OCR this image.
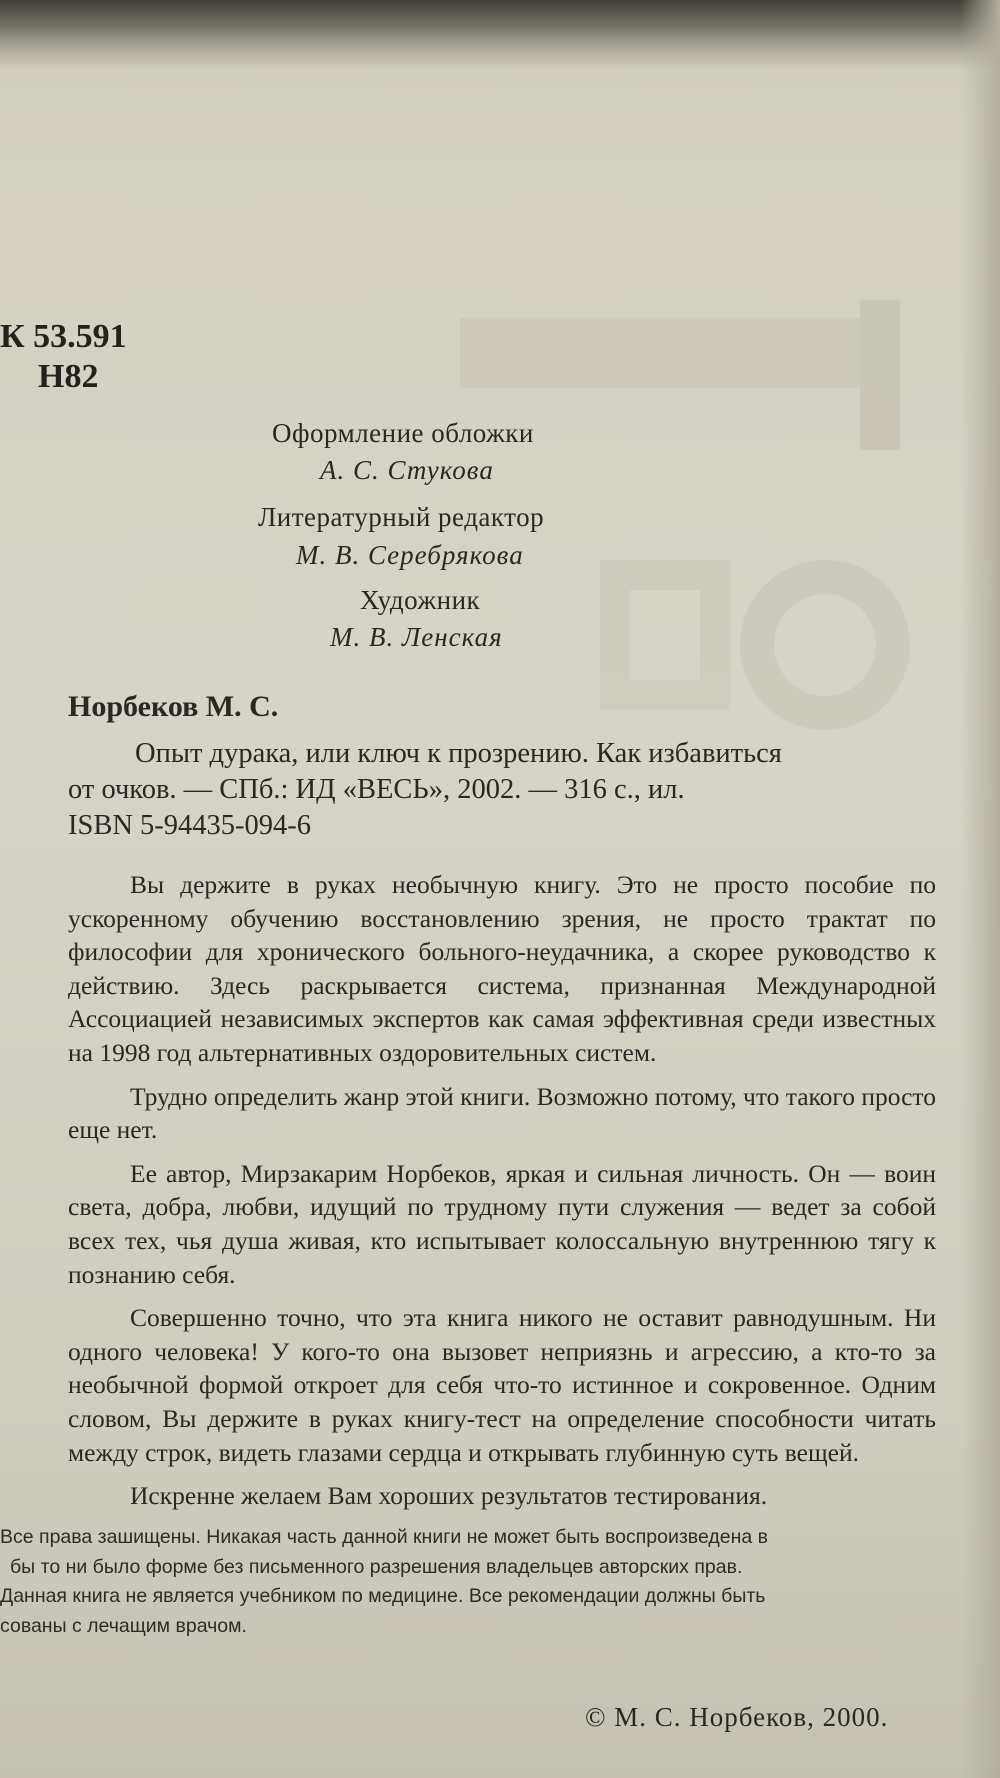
К 53.591
Н82
Оформление обложки
А. С. Стукова
Литературный редактор
М. В. Серебрякова
Художник
М. В. Ленская
Норбеков М. С.
Опыт дурака, или ключ к прозрению. Как избавиться
от очков. — СПб.: ИД «ВЕСЬ», 2002. — 316 с., ил.
ISBN 5-94435-094-6

Вы держите в руках необычную книгу. Это не просто пособие по ускоренному обучению восстановлению зрения, не просто трактат по философии для хронического больного-неудачника, а скорее руководство к действию. Здесь раскрывается система, признанная Международной Ассоциацией независимых экспертов как самая эффективная среди известных на 1998 год альтернативных оздоровительных систем.

Трудно определить жанр этой книги. Возможно потому, что такого просто еще нет.

Ее автор, Мирзакарим Норбеков, яркая и сильная личность. Он — воин света, добра, любви, идущий по трудному пути служения — ведет за собой всех тех, чья душа живая, кто испытывает колоссальную внутреннюю тягу к познанию себя.

Совершенно точно, что эта книга никого не оставит равнодушным. Ни одного человека! У кого-то она вызовет неприязнь и агрессию, а кто-то за необычной формой откроет для себя что-то истинное и сокровенное. Одним словом, Вы держите в руках книгу-тест на определение способности читать между строк, видеть глазами сердца и открывать глубинную суть вещей.

Искренне желаем Вам хороших результатов тестирования.

Все права зашищены. Никакая часть данной книги не может быть воспроизведена в

бы то ни было форме без письменного разрешения владельцев авторских прав.

Данная книга не является учебником по медицине. Все рекомендации должны быть

сованы с лечащим врачом.

© М. С. Норбеков, 2000.
